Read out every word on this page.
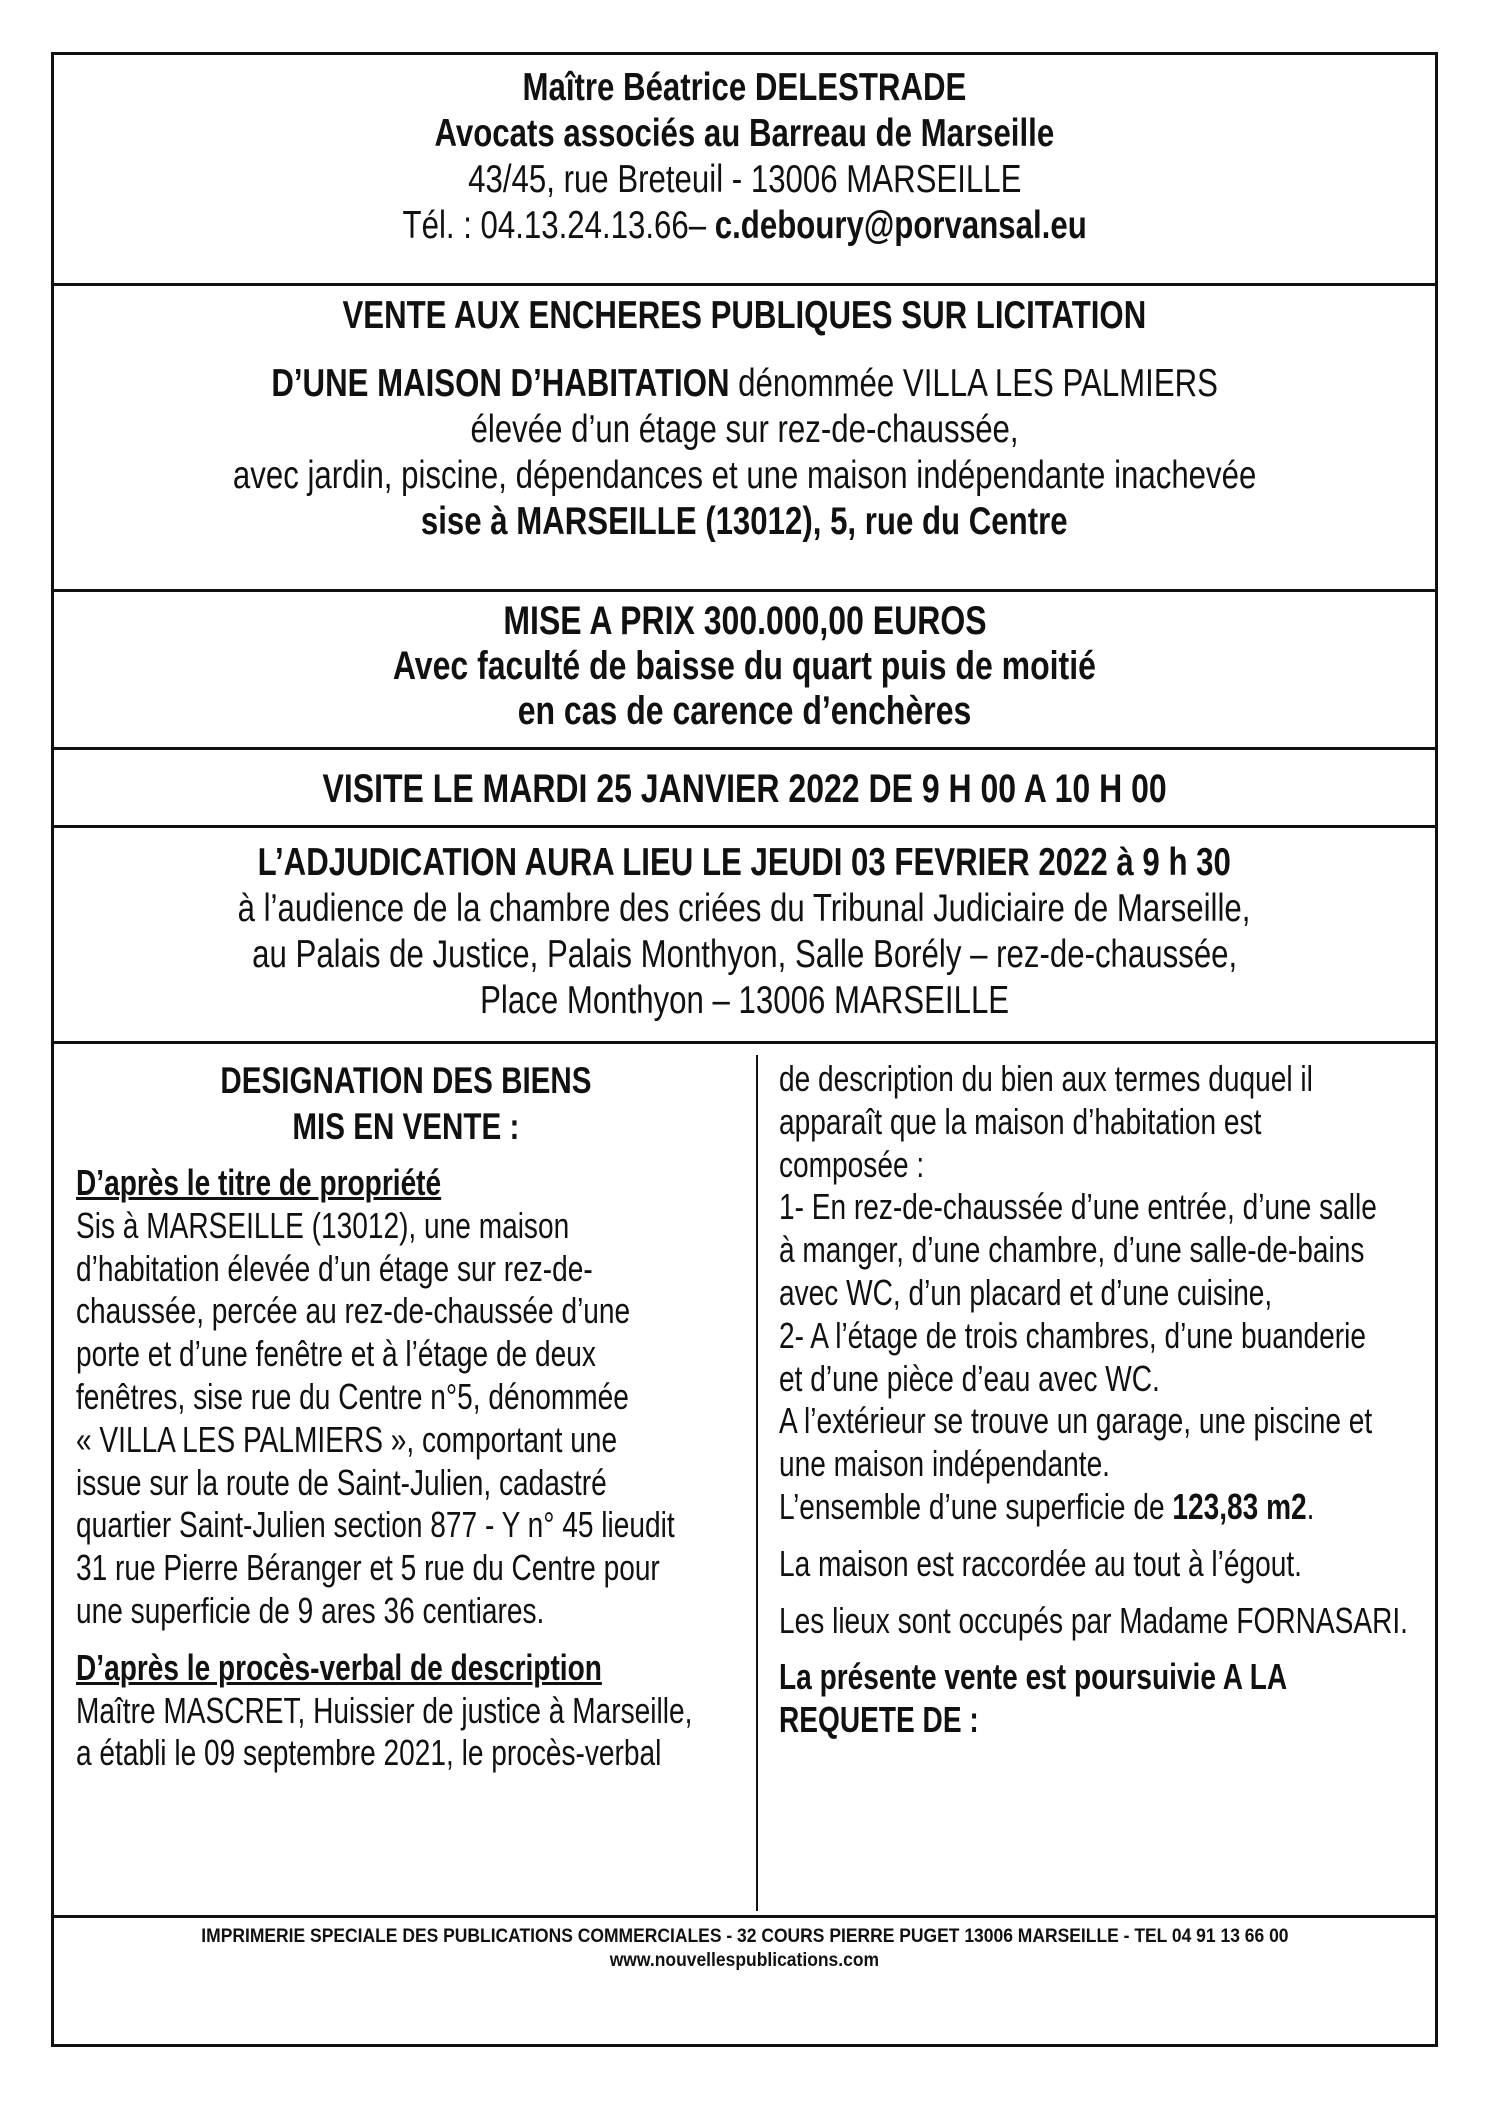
Maître Béatrice DELESTRADE
Avocats associés au Barreau de Marseille
43/45, rue Breteuil - 13006 MARSEILLE
Tél. : 04.13.24.13.66– c.deboury@porvansal.eu
VENTE AUX ENCHERES PUBLIQUES SUR LICITATION
D’UNE MAISON D’HABITATION dénommée VILLA LES PALMIERS
élevée d’un étage sur rez-de-chaussée,
avec jardin, piscine, dépendances et une maison indépendante inachevée
sise à MARSEILLE (13012), 5, rue du Centre
MISE A PRIX 300.000,00 EUROS
Avec faculté de baisse du quart puis de moitié
en cas de carence d’enchères
VISITE LE MARDI 25 JANVIER 2022 DE 9 H 00 A 10 H 00
L’ADJUDICATION AURA LIEU LE JEUDI 03 FEVRIER 2022 à 9 h 30
à l’audience de la chambre des criées du Tribunal Judiciaire de Marseille,
au Palais de Justice, Palais Monthyon, Salle Borély – rez-de-chaussée,
Place Monthyon – 13006 MARSEILLE
DESIGNATION DES BIENS
MIS EN VENTE :
D’après le titre de propriété
Sis à MARSEILLE (13012), une maison
d’habitation élevée d’un étage sur rez-de-
chaussée, percée au rez-de-chaussée d’une
porte et d’une fenêtre et à l’étage de deux
fenêtres, sise rue du Centre n°5, dénommée
« VILLA LES PALMIERS », comportant une
issue sur la route de Saint-Julien, cadastré
quartier Saint-Julien section 877 - Y n° 45 lieudit
31 rue Pierre Béranger et 5 rue du Centre pour
une superficie de 9 ares 36 centiares.
D’après le procès-verbal de description
Maître MASCRET, Huissier de justice à Marseille,
a établi le 09 septembre 2021, le procès-verbal
de description du bien aux termes duquel il
apparaît que la maison d’habitation est
composée :
1- En rez-de-chaussée d’une entrée, d’une salle
à manger, d’une chambre, d’une salle-de-bains
avec WC, d’un placard et d’une cuisine,
2- A l’étage de trois chambres, d’une buanderie
et d’une pièce d’eau avec WC.
A l’extérieur se trouve un garage, une piscine et
une maison indépendante.
L’ensemble d’une superficie de 123,83 m2.
La maison est raccordée au tout à l’égout.
Les lieux sont occupés par Madame FORNASARI.
La présente vente est poursuivie A LA
REQUETE DE :
IMPRIMERIE SPECIALE DES PUBLICATIONS COMMERCIALES - 32 COURS PIERRE PUGET 13006 MARSEILLE - TEL 04 91 13 66 00
www.nouvellespublications.com
